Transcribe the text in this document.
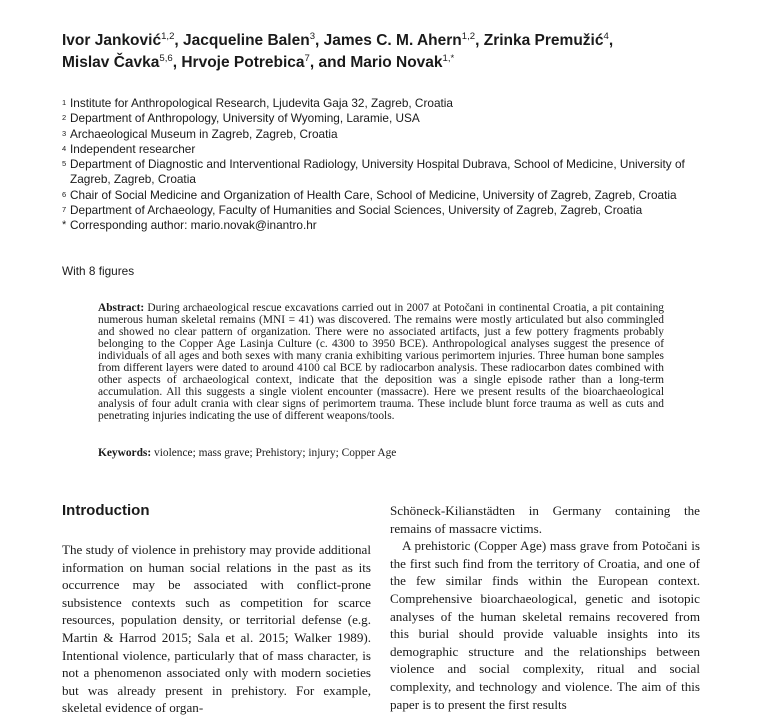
Ivor Janković$^{1,2}$, Jacqueline Balen$^3$, James C. M. Ahern$^{1,2}$, Zrinka Premužić$^4$,
Mislav Čavka$^{5,6}$, Hrvoje Potrebica$^7$, and Mario Novak$^{1,*}$
1 Institute for Anthropological Research, Ljudevita Gaja 32, Zagreb, Croatia
2 Department of Anthropology, University of Wyoming, Laramie, USA
3 Archaeological Museum in Zagreb, Zagreb, Croatia
4 Independent researcher
5 Department of Diagnostic and Interventional Radiology, University Hospital Dubrava, School of Medicine, University of Zagreb, Zagreb, Croatia
6 Chair of Social Medicine and Organization of Health Care, School of Medicine, University of Zagreb, Zagreb, Croatia
7 Department of Archaeology, Faculty of Humanities and Social Sciences, University of Zagreb, Zagreb, Croatia
* Corresponding author: mario.novak@inantro.hr
With 8 figures
Abstract: During archaeological rescue excavations carried out in 2007 at Potočani in continental Croatia, a pit containing numerous human skeletal remains (MNI = 41) was discovered. The remains were mostly articulated but also commingled and showed no clear pattern of organization. There were no associated artifacts, just a few pottery fragments probably belonging to the Copper Age Lasinja Culture (c. 4300 to 3950 BCE). Anthropological analyses suggest the presence of individuals of all ages and both sexes with many crania exhibiting various perimortem injuries. Three human bone samples from different layers were dated to around 4100 cal BCE by radiocarbon analysis. These radiocarbon dates combined with other aspects of archaeological context, indicate that the deposition was a single episode rather than a long-term accumulation. All this suggests a single violent encounter (massacre). Here we present results of the bioarchaeological analysis of four adult crania with clear signs of perimortem trauma. These include blunt force trauma as well as cuts and penetrating injuries indicating the use of different weapons/tools.
Keywords: violence; mass grave; Prehistory; injury; Copper Age
Introduction

The study of violence in prehistory may provide additional information on human social relations in the past as its occurrence may be associated with conflict-prone subsistence contexts such as competition for scarce resources, population density, or territorial defense (e.g. Martin & Harrod 2015; Sala et al. 2015; Walker 1989). Intentional violence, particularly that of mass character, is not a phenomenon associated only with modern societies but was already present in prehistory. For example, skeletal evidence of organ-

Schöneck-Kilianstädten in Germany containing the remains of massacre victims.

A prehistoric (Copper Age) mass grave from Potočani is the first such find from the territory of Croatia, and one of the few similar finds within the European context. Comprehensive bioarchaeological, genetic and isotopic analyses of the human skeletal remains recovered from this burial should provide valuable insights into its demographic structure and the relationships between violence and social complexity, ritual and social complexity, and technology and violence. The aim of this paper is to present the first results
